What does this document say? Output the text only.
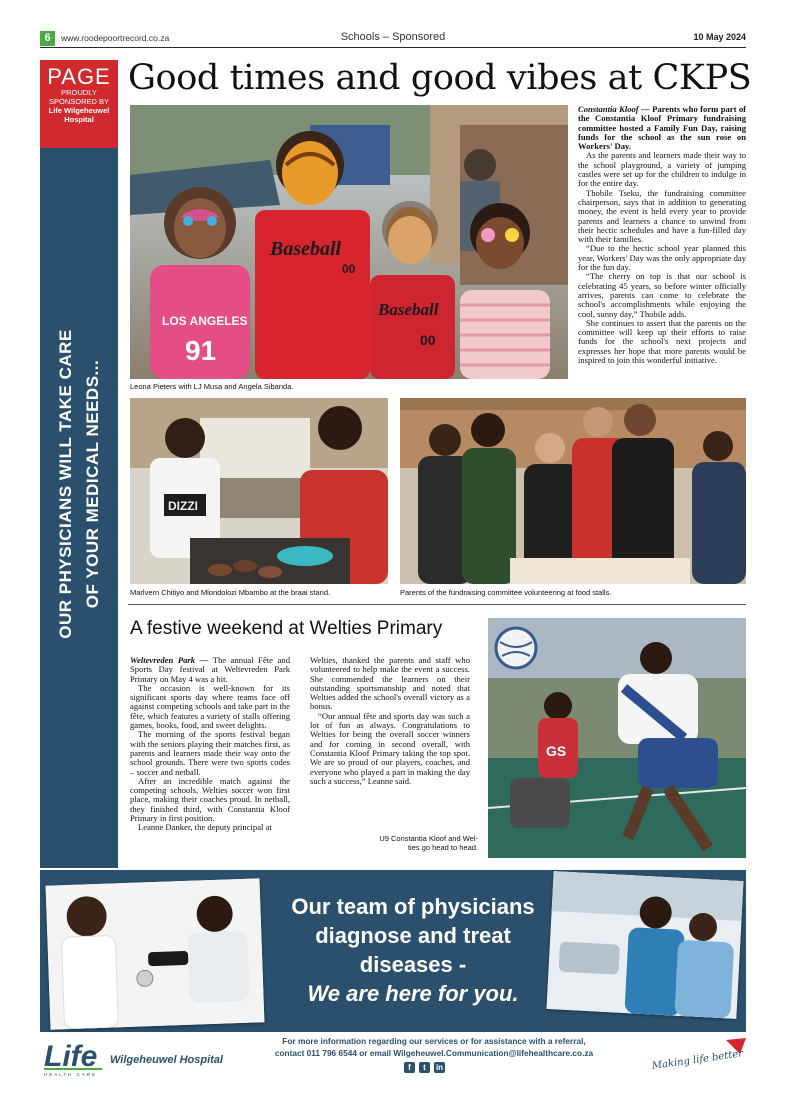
6	www.roodepoortrecord.co.za	Schools – Sponsored	10 May 2024
PAGE
PROUDLY
SPONSORED BY
Life Wilgeheuwel
Hospital
OUR PHYSICIANS WILL TAKE CARE OF YOUR MEDICAL NEEDS...
Good times and good vibes at CKPS
LOS ANGELES
91
Baseball
00
Baseball
00
Leona Pieters with LJ Musa and Angela Sibanda.

Constantia Kloof — Parents who form part of the Constantia Kloof Primary fundraising committee hosted a Family Fun Day, raising funds for the school as the sun rose on Workers' Day.

As the parents and learners made their way to the school playground, a variety of jumping castles were set up for the children to indulge in for the entire day.

Thobile Tseku, the fundraising committee chairperson, says that in addition to generating money, the event is held every year to provide parents and learners a chance to unwind from their hectic schedules and have a fun-filled day with their families.

“Due to the hectic school year planned this year, Workers' Day was the only appropriate day for the fun day.

“The cherry on top is that our school is celebrating 45 years, so before winter officially arrives, parents can come to celebrate the school's accomplishments while enjoying the cool, sunny day,” Thobile adds.

She continues to assert that the parents on the committee will keep up their efforts to raise funds for the school's next projects and expresses her hope that more parents would be inspired to join this wonderful initiative.

DIZZI
Marlvern Chitiyo and Mlondolozi Mbambo at the braai stand.	Parents of the fundraising committee volunteering at food stalls.
A festive weekend at Welties Primary

Weltevreden Park — The annual Fête and Sports Day festival at Weltevreden Park Primary on May 4 was a hit.

The occasion is well-known for its significant sports day where teams face off against competing schools and take part in the fête, which features a variety of stalls offering games, books, food, and sweet delights.

The morning of the sports festival began with the seniors playing their matches first, as parents and learners made their way onto the school grounds. There were two sports codes – soccer and netball.

After an incredible match against the competing schools, Welties soccer won first place, making their coaches proud. In netball, they finished third, with Constantia Kloof Primary in first position.

Leanne Danker, the deputy principal at

Welties, thanked the parents and staff who volunteered to help make the event a success. She commended the learners on their outstanding sportsmanship and noted that Welties added the school's overall victory as a bonus.

“Our annual fête and sports day was such a lot of fun as always. Congratulations to Welties for being the overall soccer winners and for coming in second overall, with Constantia Kloof Primary taking the top spot. We are so proud of our players, coaches, and everyone who played a part in making the day such a success,” Leanne said.

U9 Constantia Kloof and Wel-
ties go head to head.
GS
Our team of physicians
diagnose and treat
diseases -
We are here for you.
Life
HEALTH CARE
Wilgeheuwel Hospital
For more information regarding our services or for assistance with a referral,
contact 011 796 6544 or email Wilgeheuwel.Communication@lifehealthcare.co.za
f	t	in	Making life better
